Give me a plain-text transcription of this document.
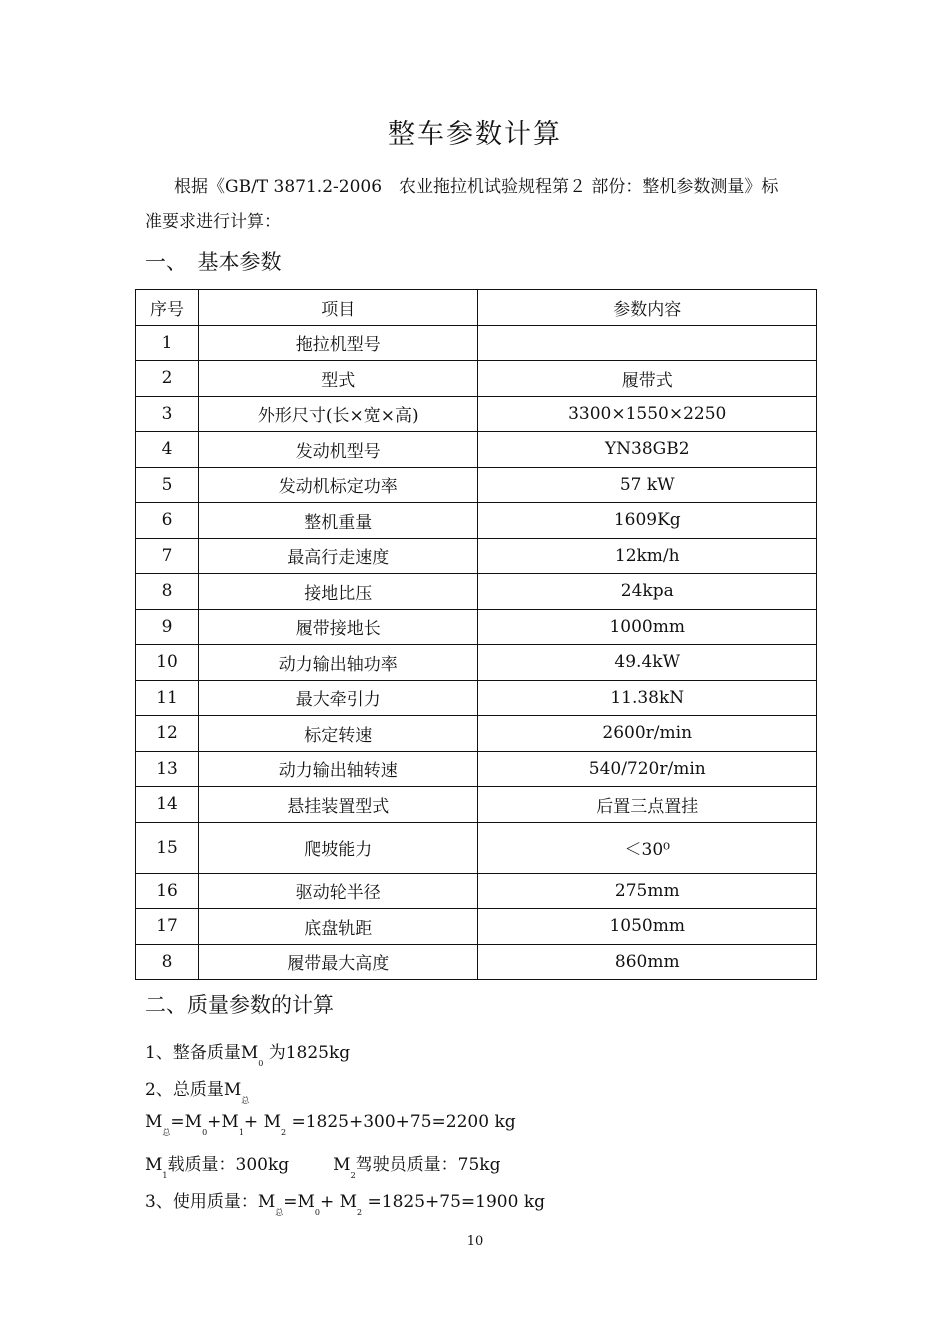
整车参数计算
根据《GB/T 3871.2-2006　农业拖拉机试验规程第２ 部份：整机参数测量》标
准要求进行计算：
一、　基本参数
序号	项目	参数内容
1	拖拉机型号	
2	型式	履带式
3	外形尺寸(长×宽×高)	3300×1550×2250
4	发动机型号	YN38GB2
5	发动机标定功率	57 kW
6	整机重量	1609Kg
7	最高行走速度	12km/h
8	接地比压	24kpa
9	履带接地长	1000mm
10	动力输出轴功率	49.4kW
11	最大牵引力	11.38kN
12	标定转速	2600r/min
13	动力输出轴转速	540/720r/min
14	悬挂装置型式	后置三点置挂
15	爬坡能力	＜30⁰
16	驱动轮半径	275mm
17	底盘轨距	1050mm
8	履带最大高度	860mm
二、质量参数的计算
1、整备质量$M_0$ 为1825kg
2、总质量$M_总$
$M_总=M_0+M_1+ M_2 =1825+300+75=2200$ kg
$M_1$载质量：300kg	$M_2$驾驶员质量：75kg
3、使用质量：$M_总=M_0+ M_2 =1825+75=1900$ kg
10
